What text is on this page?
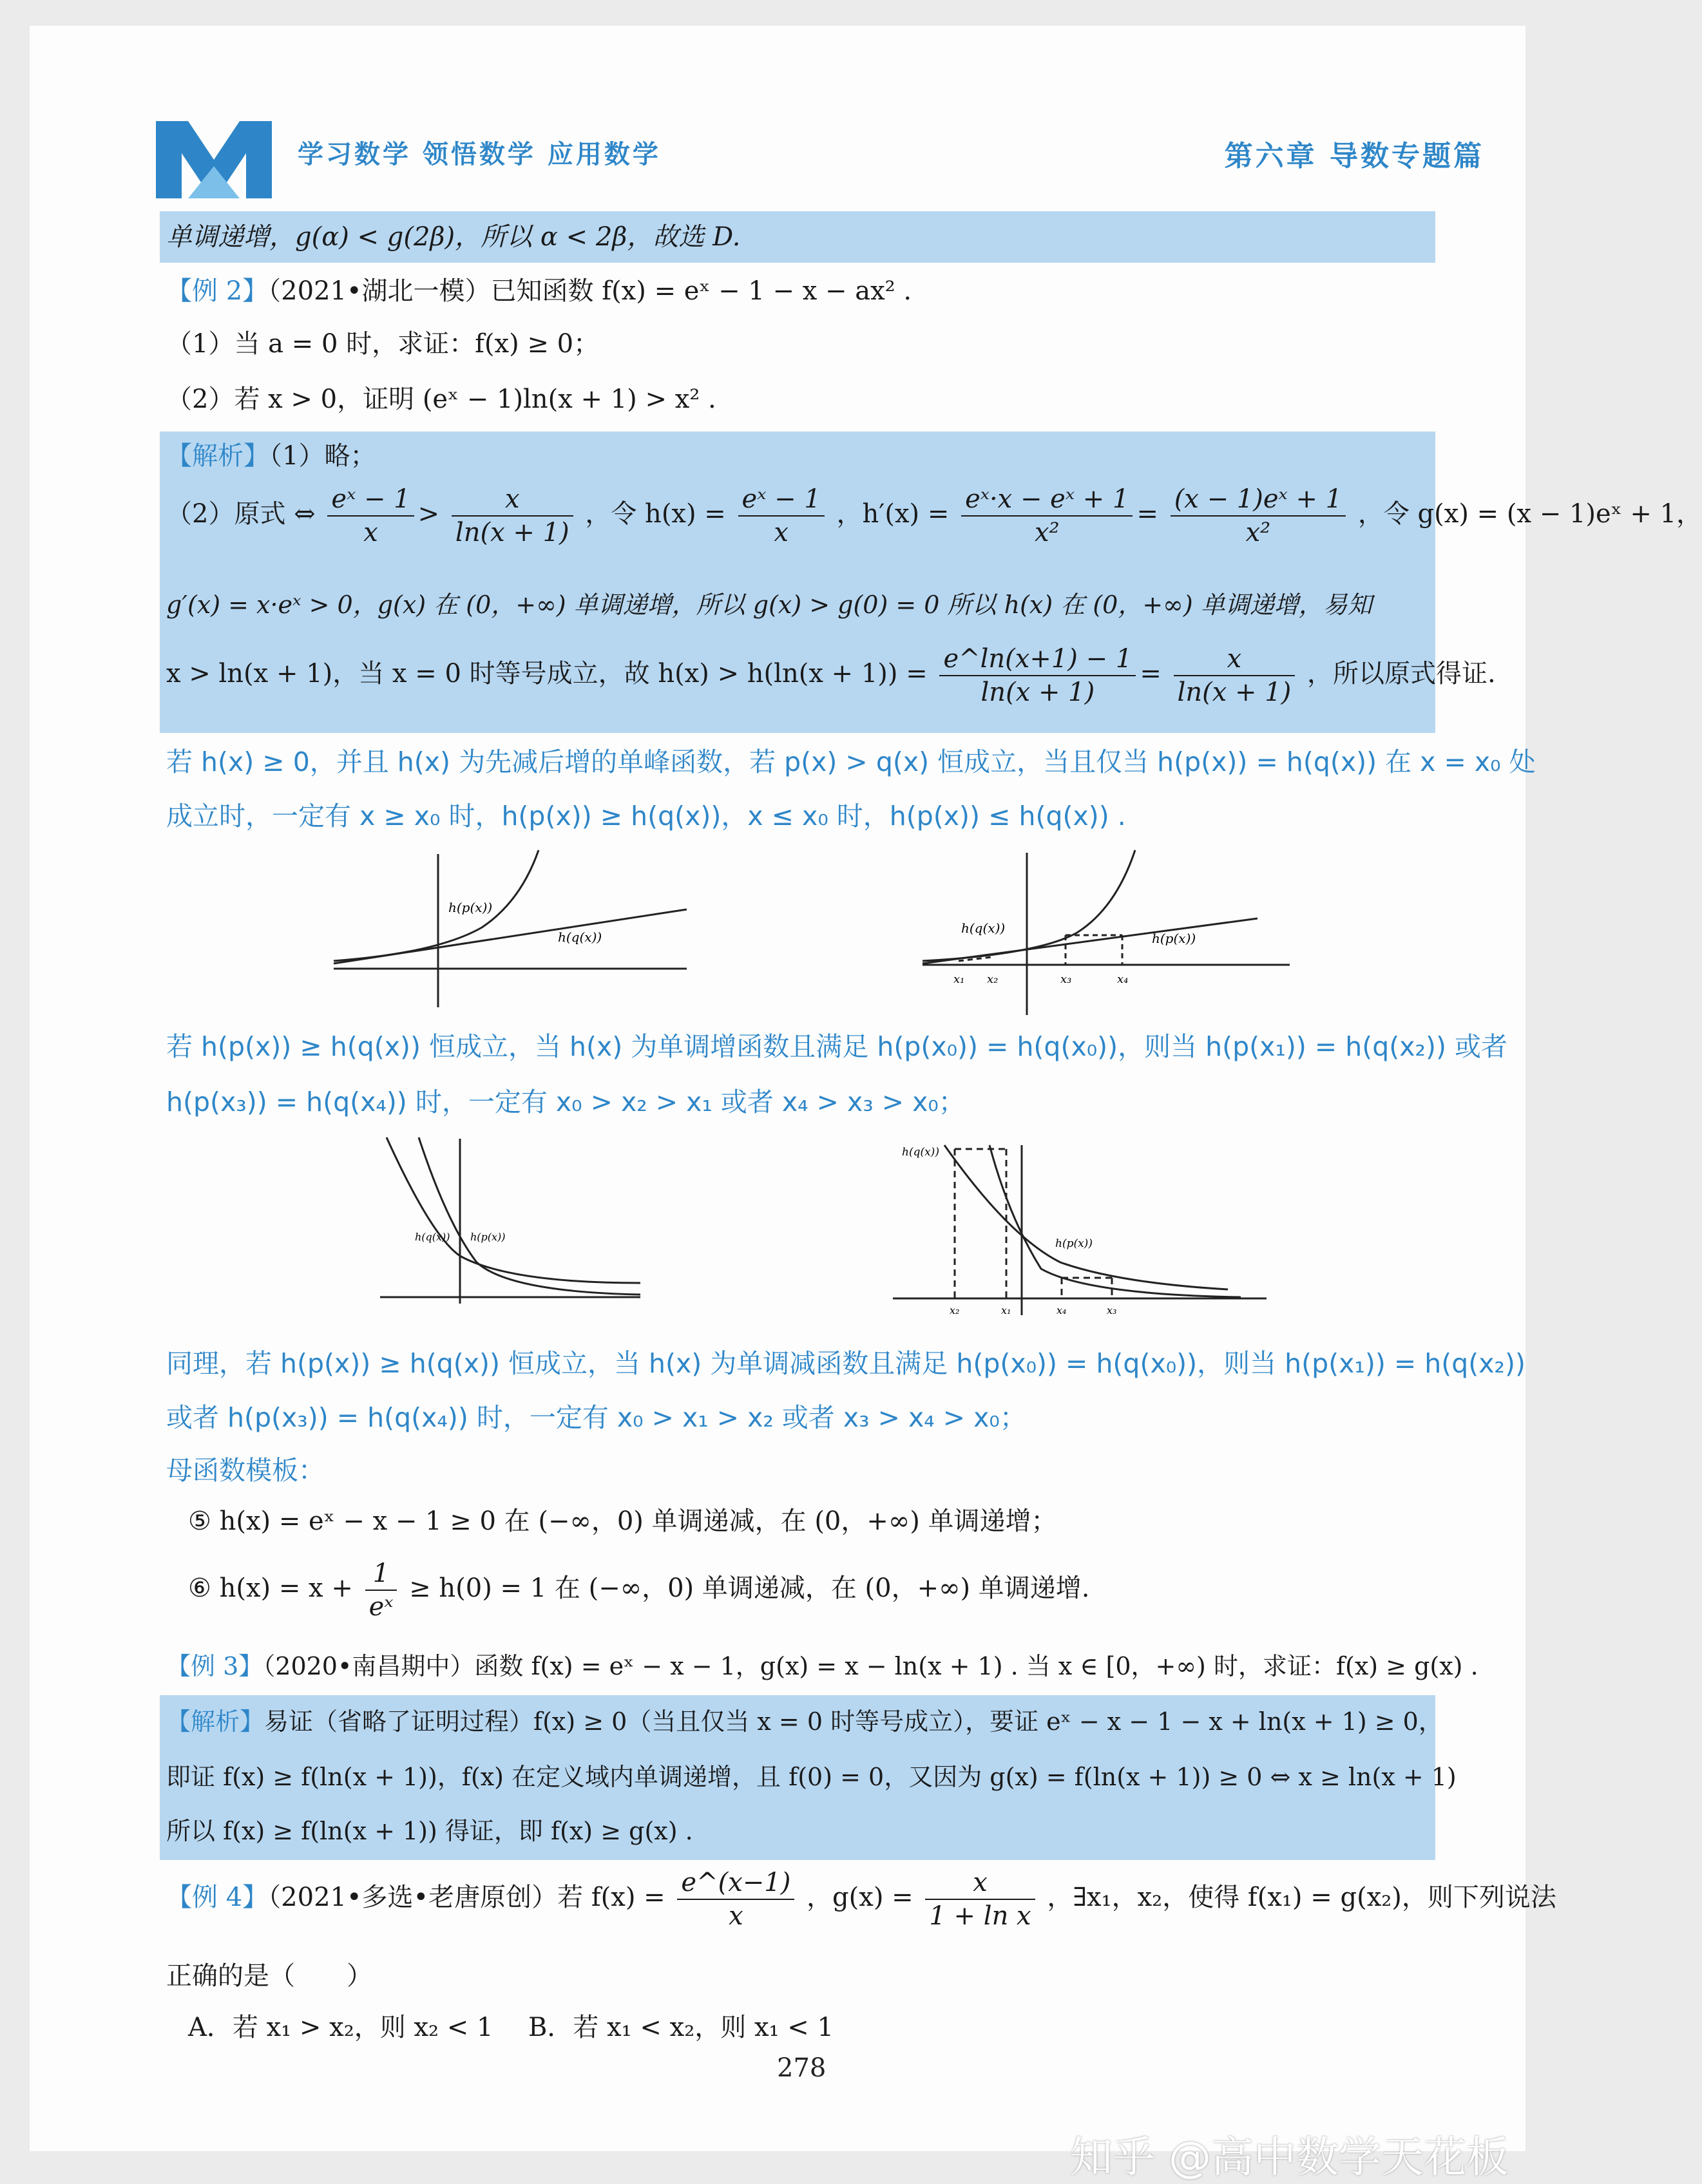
学习数学 领悟数学 应用数学	第六章 导数专题篇
单调递增，g(α) < g(2β)，所以 α < 2β，故选 D.
【例 2】（2021•湖北一模）已知函数 f(x) = eˣ − 1 − x − ax² .
（1）当 a = 0 时，求证：f(x) ≥ 0；
（2）若 x > 0，证明 (eˣ − 1)ln(x + 1) > x² .
【解析】（1）略；
（2）原式 ⇔ $\frac{\text{eˣ − 1}}{x} > \frac{x}{\ln(x + 1)}$ ，令 $h(x) = \frac{\text{eˣ − 1}}{x}$ ，$h'(x) = \frac{\text{eˣ·x − eˣ + 1}}{\text{x²}} = \frac{\text{(x − 1)eˣ + 1}}{\text{x²}}$ ，令 g(x) = (x − 1)eˣ + 1，
g′(x) = x·eˣ > 0，g(x) 在 (0，+∞) 单调递增，所以 g(x) > g(0) = 0 所以 h(x) 在 (0，+∞) 单调递增，易知
x > ln(x + 1)，当 x = 0 时等号成立，故 $h(x) > h(\ln(x + 1)) = \frac{e\^{}\ln(x+1) - 1}{\ln(x + 1)} = \frac{x}{\ln(x + 1)}$ ，所以原式得证.
若 h(x) ≥ 0，并且 h(x) 为先减后增的单峰函数，若 p(x) > q(x) 恒成立，当且仅当 h(p(x)) = h(q(x)) 在 x = x₀ 处
成立时，一定有 x ≥ x₀ 时，h(p(x)) ≥ h(q(x))，x ≤ x₀ 时，h(p(x)) ≤ h(q(x)) .
h(p(x))
h(q(x))
h(q(x))
h(p(x))
x₁ x₂	x₃	x₄
若 h(p(x)) ≥ h(q(x)) 恒成立，当 h(x) 为单调增函数且满足 h(p(x₀)) = h(q(x₀))，则当 h(p(x₁)) = h(q(x₂)) 或者
h(p(x₃)) = h(q(x₄)) 时，一定有 x₀ > x₂ > x₁ 或者 x₄ > x₃ > x₀；
h(q(x)) h(p(x))
h(q(x))
h(p(x))
x₂	x₁	x₄	x₃
同理，若 h(p(x)) ≥ h(q(x)) 恒成立，当 h(x) 为单调减函数且满足 h(p(x₀)) = h(q(x₀))，则当 h(p(x₁)) = h(q(x₂))
或者 h(p(x₃)) = h(q(x₄)) 时，一定有 x₀ > x₁ > x₂ 或者 x₃ > x₄ > x₀；
母函数模板：
⑤ h(x) = eˣ − x − 1 ≥ 0 在 (−∞，0) 单调递减，在 (0，+∞) 单调递增；
⑥ $h(x) = x + \frac{1}{\text{eˣ}} \ge h(0) = 1$ 在 (−∞，0) 单调递减，在 (0，+∞) 单调递增.
【例 3】（2020•南昌期中）函数 f(x) = eˣ − x − 1，g(x) = x − ln(x + 1) . 当 x ∈ [0，+∞) 时，求证：f(x) ≥ g(x) .
【解析】易证（省略了证明过程）f(x) ≥ 0（当且仅当 x = 0 时等号成立），要证 eˣ − x − 1 − x + ln(x + 1) ≥ 0，
即证 f(x) ≥ f(ln(x + 1))，f(x) 在定义域内单调递增，且 f(0) = 0，又因为 g(x) = f(ln(x + 1)) ≥ 0 ⇔ x ≥ ln(x + 1)
所以 f(x) ≥ f(ln(x + 1)) 得证，即 f(x) ≥ g(x) .
【例 4】（2021•多选•老唐原创）若 $f(x) = \frac{e\^{}(x-1)}{x}$ ，$g(x) = \frac{x}{\text{1 + ln x}}$ ，∃x₁，x₂，使得 f(x₁) = g(x₂)，则下列说法
正确的是（　　）
A．若 x₁ > x₂，则 x₂ < 1 B．若 x₁ < x₂，则 x₁ < 1
278
知乎 @高中数学天花板
